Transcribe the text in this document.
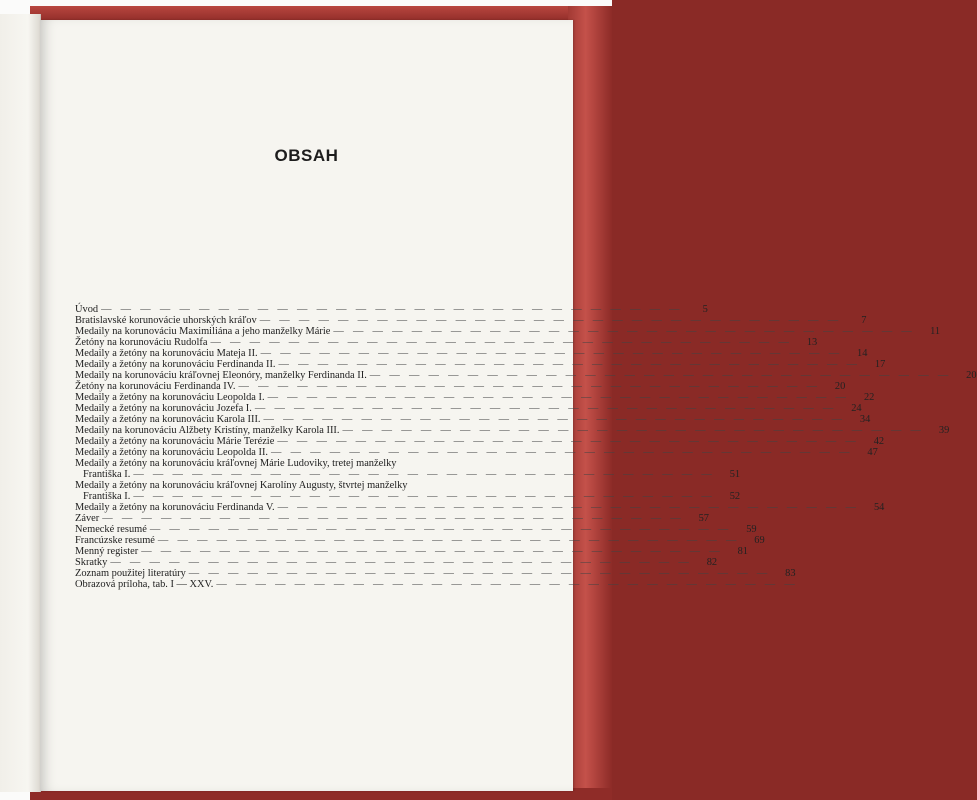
OBSAH
Úvod — — — — — — — — — — — — — — — — — — — — — — — — — — — — — —	5
Bratislavské korunovácie uhorských kráľov — — — — — — — — — — — — — — — — — — — — — — — — — — — — — —	7
Medaily na korunováciu Maximiliána a jeho manželky Márie — — — — — — — — — — — — — — — — — — — — — — — — — — — — — —	11
Žetóny na korunováciu Rudolfa — — — — — — — — — — — — — — — — — — — — — — — — — — — — — —	13
Medaily a žetóny na korunováciu Mateja II. — — — — — — — — — — — — — — — — — — — — — — — — — — — — — —	14
Medaily a žetóny na korunováciu Ferdinanda II. — — — — — — — — — — — — — — — — — — — — — — — — — — — — — —	17
Medaily na korunováciu kráľovnej Eleonóry, manželky Ferdinanda II. — — — — — — — — — — — — — — — — — — — — — — — — — — — — — —	20
Žetóny na korunováciu Ferdinanda IV. — — — — — — — — — — — — — — — — — — — — — — — — — — — — — —	20
Medaily a žetóny na korunováciu Leopolda I. — — — — — — — — — — — — — — — — — — — — — — — — — — — — — —	22
Medaily a žetóny na korunováciu Jozefa I. — — — — — — — — — — — — — — — — — — — — — — — — — — — — — —	24
Medaily a žetóny na korunováciu Karola III. — — — — — — — — — — — — — — — — — — — — — — — — — — — — — —	34
Medaily na korunováciu Alžbety Kristíny, manželky Karola III. — — — — — — — — — — — — — — — — — — — — — — — — — — — — — —	39
Medaily a žetóny na korunováciu Márie Terézie — — — — — — — — — — — — — — — — — — — — — — — — — — — — — —	42
Medaily a žetóny na korunováciu Leopolda II. — — — — — — — — — — — — — — — — — — — — — — — — — — — — — —	47
Medaily a žetóny na korunováciu kráľovnej Márie Ludoviky, tretej manželky
Františka I. — — — — — — — — — — — — — — — — — — — — — — — — — — — — — —	51
Medaily a žetóny na korunováciu kráľovnej Karolíny Augusty, štvrtej manželky
Františka I. — — — — — — — — — — — — — — — — — — — — — — — — — — — — — —	52
Medaily a žetóny na korunováciu Ferdinanda V. — — — — — — — — — — — — — — — — — — — — — — — — — — — — — —	54
Záver — — — — — — — — — — — — — — — — — — — — — — — — — — — — — —	57
Nemecké resumé — — — — — — — — — — — — — — — — — — — — — — — — — — — — — —	59
Francúzske resumé — — — — — — — — — — — — — — — — — — — — — — — — — — — — — —	69
Menný register — — — — — — — — — — — — — — — — — — — — — — — — — — — — — —	81
Skratky — — — — — — — — — — — — — — — — — — — — — — — — — — — — — —	82
Zoznam použitej literatúry — — — — — — — — — — — — — — — — — — — — — — — — — — — — — —	83
Obrazová príloha, tab. I — XXV. — — — — — — — — — — — — — — — — — — — — — — — — — — — — — —
